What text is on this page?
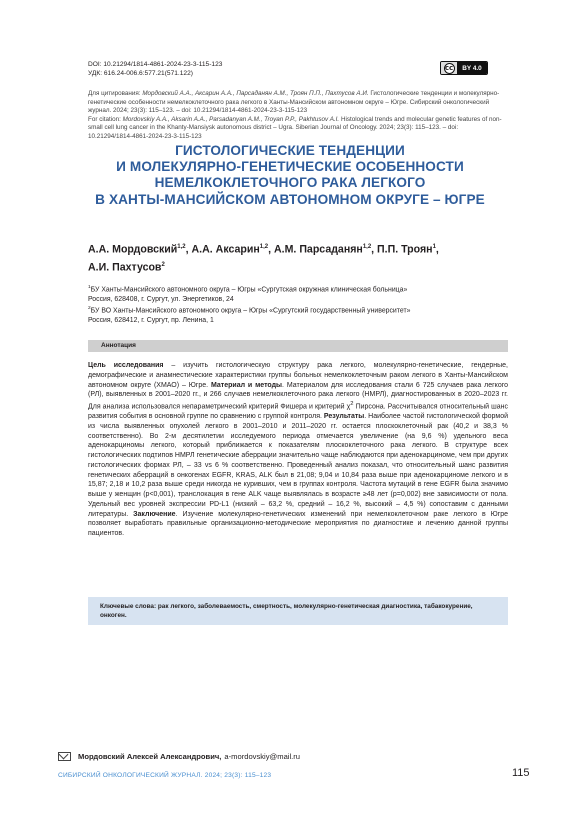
DOI: 10.21294/1814-4861-2024-23-3-115-123
УДК: 616.24-006.6:577.21(571.122)
cc	BY 4.0
Для цитирования: Мордовский А.А., Аксарин А.А., Парсаданян А.М., Троян П.П., Пахтусов А.И. Гистологические тенденции и молекулярно-генетические особенности немелкоклеточного рака легкого в Ханты-Мансийском автономном округе – Югре. Сибирский онкологический журнал. 2024; 23(3): 115–123. – doi: 10.21294/1814-4861-2024-23-3-115-123
For citation: Mordovskiy A.A., Aksarin A.A., Parsadanyan A.M., Troyan P.P., Pakhtusov A.I. Histological trends and molecular genetic features of non-small cell lung cancer in the Khanty-Mansiysk autonomous district – Ugra. Siberian Journal of Oncology. 2024; 23(3): 115–123. – doi: 10.21294/1814-4861-2024-23-3-115-123
ГИСТОЛОГИЧЕСКИЕ ТЕНДЕНЦИИ
И МОЛЕКУЛЯРНО-ГЕНЕТИЧЕСКИЕ ОСОБЕННОСТИ
НЕМЕЛКОКЛЕТОЧНОГО РАКА ЛЕГКОГО
В ХАНТЫ-МАНСИЙСКОМ АВТОНОМНОМ ОКРУГЕ – ЮГРЕ
А.А. Мордовский$^{1,2}$, А.А. Аксарин$^{1,2}$, А.М. Парсаданян$^{1,2}$, П.П. Троян$^1$,
А.И. Пахтусов$^2$
$^1$БУ Ханты-Мансийского автономного округа – Югры «Сургутская окружная клиническая больница»
Россия, 628408, г. Сургут, ул. Энергетиков, 24
$^2$БУ ВО Ханты-Мансийского автономного округа – Югры «Сургутский государственный университет»
Россия, 628412, г. Сургут, пр. Ленина, 1
Аннотация

Цель исследования – изучить гистологическую структуру рака легкого, молекулярно-генетические, гендерные, демографические и анамнестические характеристики группы больных немелкоклеточным раком легкого в Ханты-Мансийском автономном округе (ХМАО) – Югре. Материал и методы. Материалом для исследования стали 6 725 случаев рака легкого (РЛ), выявленных в 2001–2020 гг., и 266 случаев немелкоклеточного рака легкого (НМРЛ), диагностированных в 2020–2023 гг. Для анализа использовался непараметрический критерий Фишера и критерий $\chi^2$ Пирсона. Рассчитывался относительный шанс развития события в основной группе по сравнению с группой контроля. Результаты. Наиболее частой гистологической формой из числа выявленных опухолей легкого в 2001–2010 и 2011–2020 гг. остается плоскоклеточный рак (40,2 и 38,3 % соответственно). Во 2-м десятилетии исследуемого периода отмечается увеличение (на 9,6 %) удельного веса аденокарциномы легкого, который приближается к показателям плоскоклеточного рака легкого. В структуре всех гистологических подтипов НМРЛ генетические аберрации значительно чаще наблюдаются при аденокарциноме, чем при других гистологических формах РЛ, – 33 vs 6 % соответственно. Проведенный анализ показал, что относительный шанс развития генетических аберраций в онкогенах EGFR, KRAS, ALK был в 21,08; 9,04 и 10,84 раза выше при аденокарциноме легкого и в 15,87; 2,18 и 10,2 раза выше среди никогда не куривших, чем в группах контроля. Частота мутаций в гене EGFR была значимо выше у женщин (p<0,001), транслокация в гене ALK чаще выявлялась в возрасте ≥48 лет (p=0,002) вне зависимости от пола. Удельный вес уровней экспрессии PD-L1 (низкий – 63,2 %, средний – 16,2 %, высокий – 4,5 %) сопоставим с данными литературы. Заключение. Изучение молекулярно-генетических изменений при немелкоклеточном раке легкого в Югре позволяет выработать правильные организационно-методические мероприятия по диагностике и лечению данной группы пациентов.

Ключевые слова: рак легкого, заболеваемость, смертность, молекулярно-генетическая диагностика, табакокурение, онкоген.
Мордовский Алексей Александрович, a-mordovskiy@mail.ru
СИБИРСКИЙ ОНКОЛОГИЧЕСКИЙ ЖУРНАЛ. 2024; 23(3): 115–123	115
